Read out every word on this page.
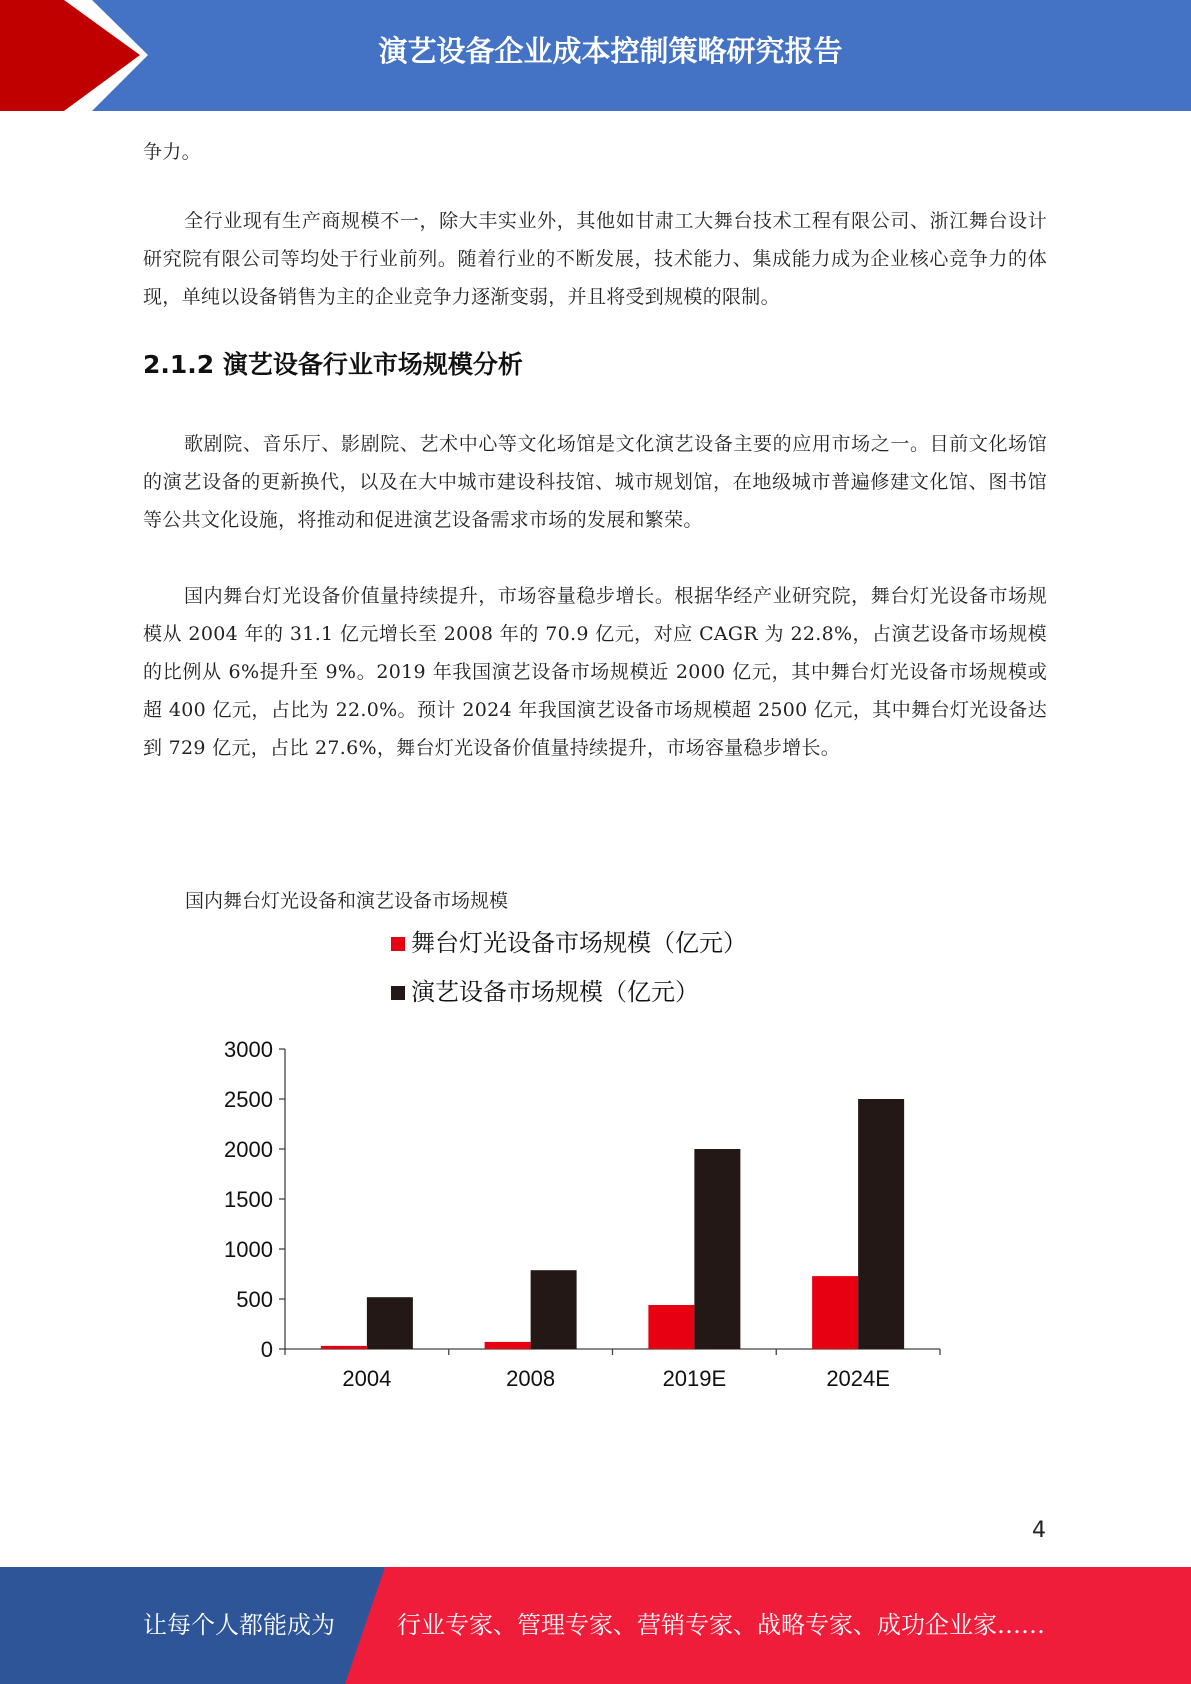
演艺设备企业成本控制策略研究报告

争力。

全行业现有生产商规模不一，除大丰实业外，其他如甘肃工大舞台技术工程有限公司、浙江舞台设计研究院有限公司等均处于行业前列。随着行业的不断发展，技术能力、集成能力成为企业核心竞争力的体现，单纯以设备销售为主的企业竞争力逐渐变弱，并且将受到规模的限制。

2.1.2 演艺设备行业市场规模分析

歌剧院、音乐厅、影剧院、艺术中心等文化场馆是文化演艺设备主要的应用市场之一。目前文化场馆的演艺设备的更新换代，以及在大中城市建设科技馆、城市规划馆，在地级城市普遍修建文化馆、图书馆等公共文化设施，将推动和促进演艺设备需求市场的发展和繁荣。

国内舞台灯光设备价值量持续提升，市场容量稳步增长。根据华经产业研究院，舞台灯光设备市场规模从 2004 年的 31.1 亿元增长至 2008 年的 70.9 亿元，对应 CAGR 为 22.8%，占演艺设备市场规模的比例从 6%提升至 9%。2019 年我国演艺设备市场规模近 2000 亿元，其中舞台灯光设备市场规模或超 400 亿元，占比为 22.0%。预计 2024 年我国演艺设备市场规模超 2500 亿元，其中舞台灯光设备达到 729 亿元，占比 27.6%，舞台灯光设备价值量持续提升，市场容量稳步增长。

国内舞台灯光设备和演艺设备市场规模
舞台灯光设备市场规模（亿元）
演艺设备市场规模（亿元）
0
500
1000
1500
2000
2500
3000
2004	2008	2019E	2024E
4
让每个人都能成为	行业专家、管理专家、营销专家、战略专家、成功企业家……
